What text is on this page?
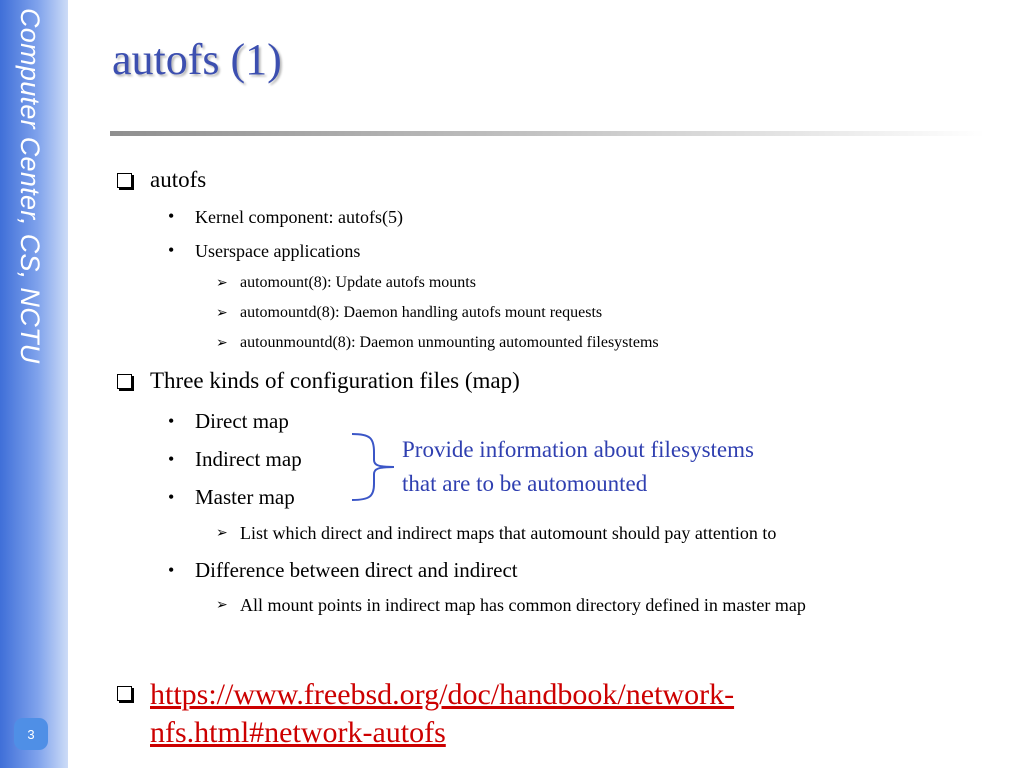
Computer Center, CS, NCTU
3
autofs (1)
autofs
• Kernel component: autofs(5)
• Userspace applications
➢ automount(8): Update autofs mounts
➢ automountd(8): Daemon handling autofs mount requests
➢ autounmountd(8): Daemon unmounting automounted filesystems
Three kinds of configuration files (map)
• Direct map
• Indirect map
• Master map
Provide information about filesystems
that are to be automounted
➢ List which direct and indirect maps that automount should pay attention to
• Difference between direct and indirect
➢ All mount points in indirect map has common directory defined in master map
https://www.freebsd.org/doc/handbook/network-
nfs.html#network-autofs
